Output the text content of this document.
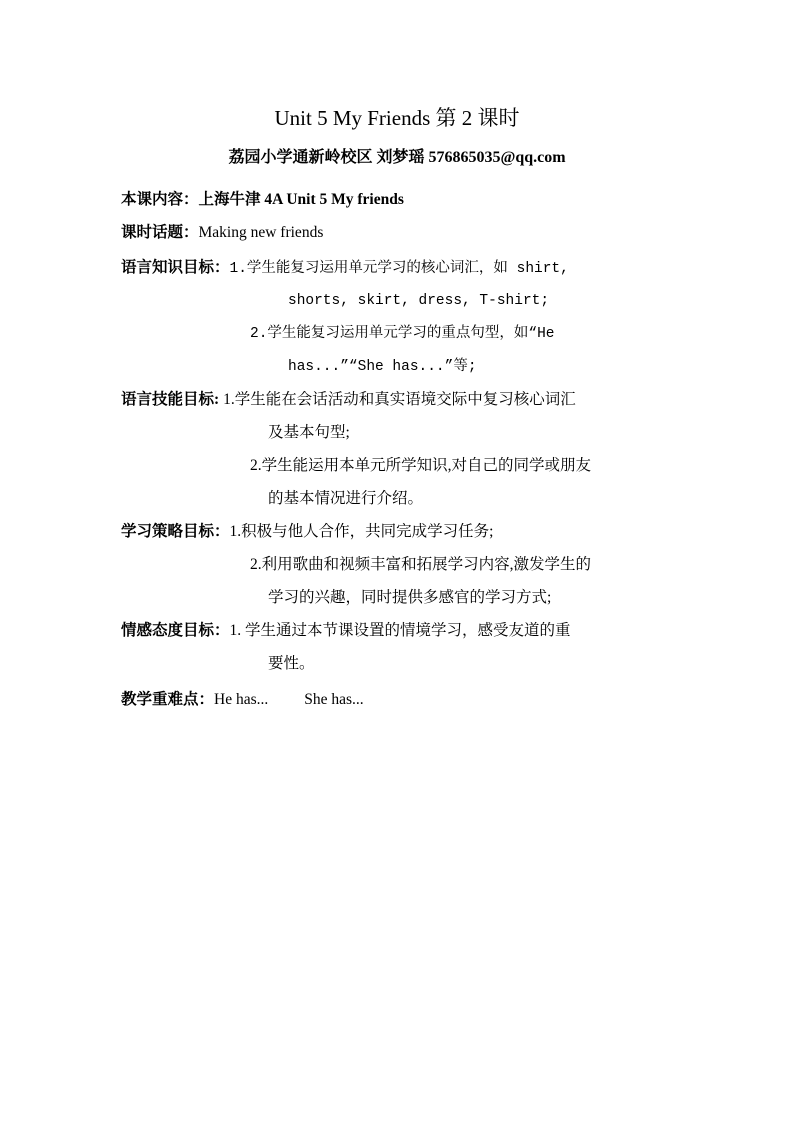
Unit 5 My Friends 第 2 课时
荔园小学通新岭校区 刘梦瑶 576865035@qq.com
本课内容：上海牛津 4A Unit 5 My friends
课时话题：Making new friends
语言知识目标：1.学生能复习运用单元学习的核心词汇，如 shirt,
shorts, skirt, dress, T-shirt;
2.学生能复习运用单元学习的重点句型，如“He
has...”“She has...”等;
语言技能目标: 1.学生能在会话活动和真实语境交际中复习核心词汇
及基本句型;
2.学生能运用本单元所学知识,对自己的同学或朋友
的基本情况进行介绍。
学习策略目标：1.积极与他人合作，共同完成学习任务;
2.利用歌曲和视频丰富和拓展学习内容,激发学生的
学习的兴趣，同时提供多感官的学习方式;
情感态度目标：1. 学生通过本节课设置的情境学习，感受友道的重
要性。
教学重难点：He has... She has...
